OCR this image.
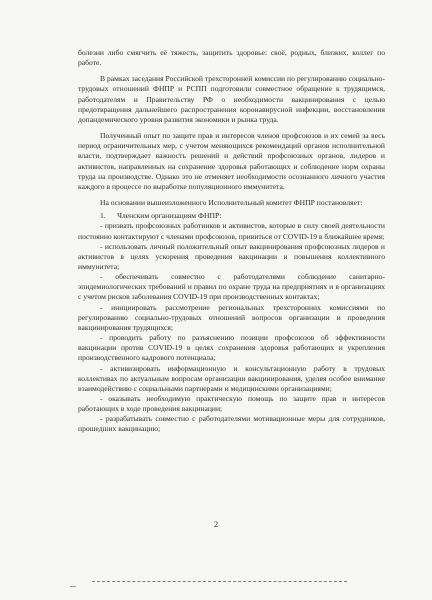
болезни либо смягчить её тяжесть, защитить здоровье: своё, родных, близких, коллег по работе.

В рамках заседания Российской трехсторонней комиссии по регулированию социально-трудовых отношений ФНПР и РСПП подготовили совместное обращение к трудящимся, работодателям и Правительству РФ о необходимости вакцинирования с целью предотвращения дальнейшего распространения коронавирусной инфекции, восстановления допандемического уровня развития экономики и рынка труда.

Полученный опыт по защите прав и интересов членов профсоюзов и их семей за весь период ограничительных мер, с учетом меняющихся рекомендаций органов исполнительной власти, подтверждает важность решений и действий профсоюзных органов, лидеров и активистов, направленных на сохранение здоровья работающих и соблюдение норм охраны труда на производстве. Однако это не отменяет необходимости осознанного личного участия каждого в процессе по выработке популяционного иммунитета.

На основании вышеизложенного Исполнительный комитет ФНПР постановляет:

1.      Членским организациям ФНПР:

- призвать профсоюзных работников и активистов, которые в силу своей деятельности постоянно контактируют с членами профсоюзов, привиться от COVID-19 в ближайшее время;

- использовать личный положительный опыт вакцинирования профсоюзных лидеров и активистов в целях ускорения проведения вакцинации и повышения коллективного иммунитета;

- обеспечивать совместно с работодателями соблюдение санитарно-эпидемиологических требований и правил по охране труда на предприятиях и в организациях с учетом рисков заболевания COVID-19 при производственных контактах;

- инициировать рассмотрение региональных трехсторонних комиссиями по регулированию социально-трудовых отношений вопросов организации и проведения вакцинирования трудящихся;

- проводить работу по разъяснению позиции профсоюзов об эффективности вакцинации против COVID-19 в целях сохранения здоровья работающих и укрепления производственного кадрового потенциала;

- активизировать информационную и консультационную работу в трудовых коллективах по актуальным вопросам организации вакцинирования, уделяя особое внимание взаимодействию с социальными партнерами и медицинскими организациями;

- оказывать необходимую практическую помощь по защите прав и интересов работающих в ходе проведения вакцинации;

- разрабатывать совместно с работодателями мотивационные меры для сотрудников, прошедших вакцинацию;

2
